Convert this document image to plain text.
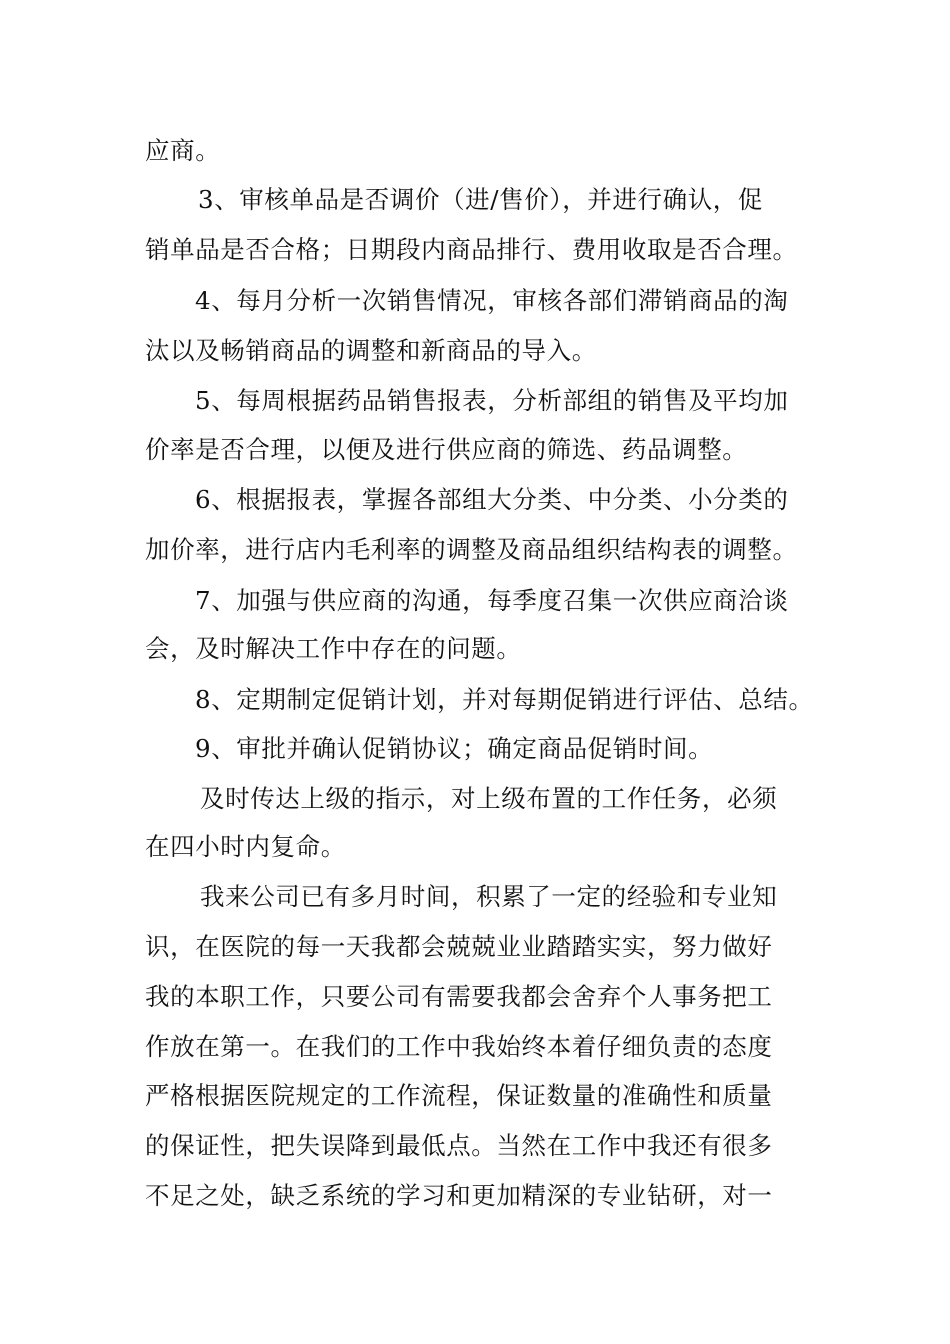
应商。
3、审核单品是否调价（进/售价），并进行确认，促
销单品是否合格；日期段内商品排行、费用收取是否合理。
4、每月分析一次销售情况，审核各部们滞销商品的淘
汰以及畅销商品的调整和新商品的导入。
5、每周根据药品销售报表，分析部组的销售及平均加
价率是否合理，以便及进行供应商的筛选、药品调整。
6、根据报表，掌握各部组大分类、中分类、小分类的
加价率，进行店内毛利率的调整及商品组织结构表的调整。
7、加强与供应商的沟通，每季度召集一次供应商洽谈
会，及时解决工作中存在的问题。
8、定期制定促销计划，并对每期促销进行评估、总结。
9、审批并确认促销协议；确定商品促销时间。
及时传达上级的指示，对上级布置的工作任务，必须
在四小时内复命。
我来公司已有多月时间，积累了一定的经验和专业知
识，在医院的每一天我都会兢兢业业踏踏实实，努力做好
我的本职工作，只要公司有需要我都会舍弃个人事务把工
作放在第一。在我们的工作中我始终本着仔细负责的态度
严格根据医院规定的工作流程，保证数量的准确性和质量
的保证性，把失误降到最低点。当然在工作中我还有很多
不足之处，缺乏系统的学习和更加精深的专业钻研，对一
